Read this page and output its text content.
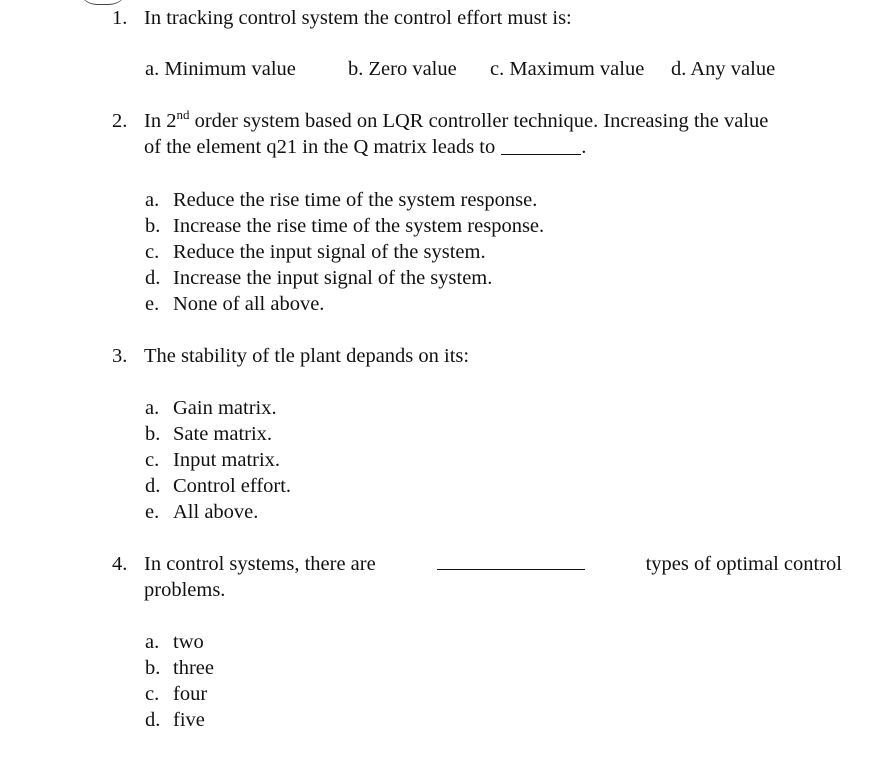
1. In tracking control system the control effort must is:
a. Minimum value	b. Zero value c. Maximum value d. Any value
2. In 2nd order system based on LQR controller technique. Increasing the value
of the element q21 in the Q matrix leads to	.
a. Reduce the rise time of the system response.
b. Increase the rise time of the system response.
c. Reduce the input signal of the system.
d. Increase the input signal of the system.
e. None of all above.
3. The stability of tle plant depands on its:
a. Gain matrix.
b. Sate matrix.
c. Input matrix.
d. Control effort.
e. All above.
4. In control systems, there are	types of optimal control
problems.
a. two
b. three
c. four
d. five
